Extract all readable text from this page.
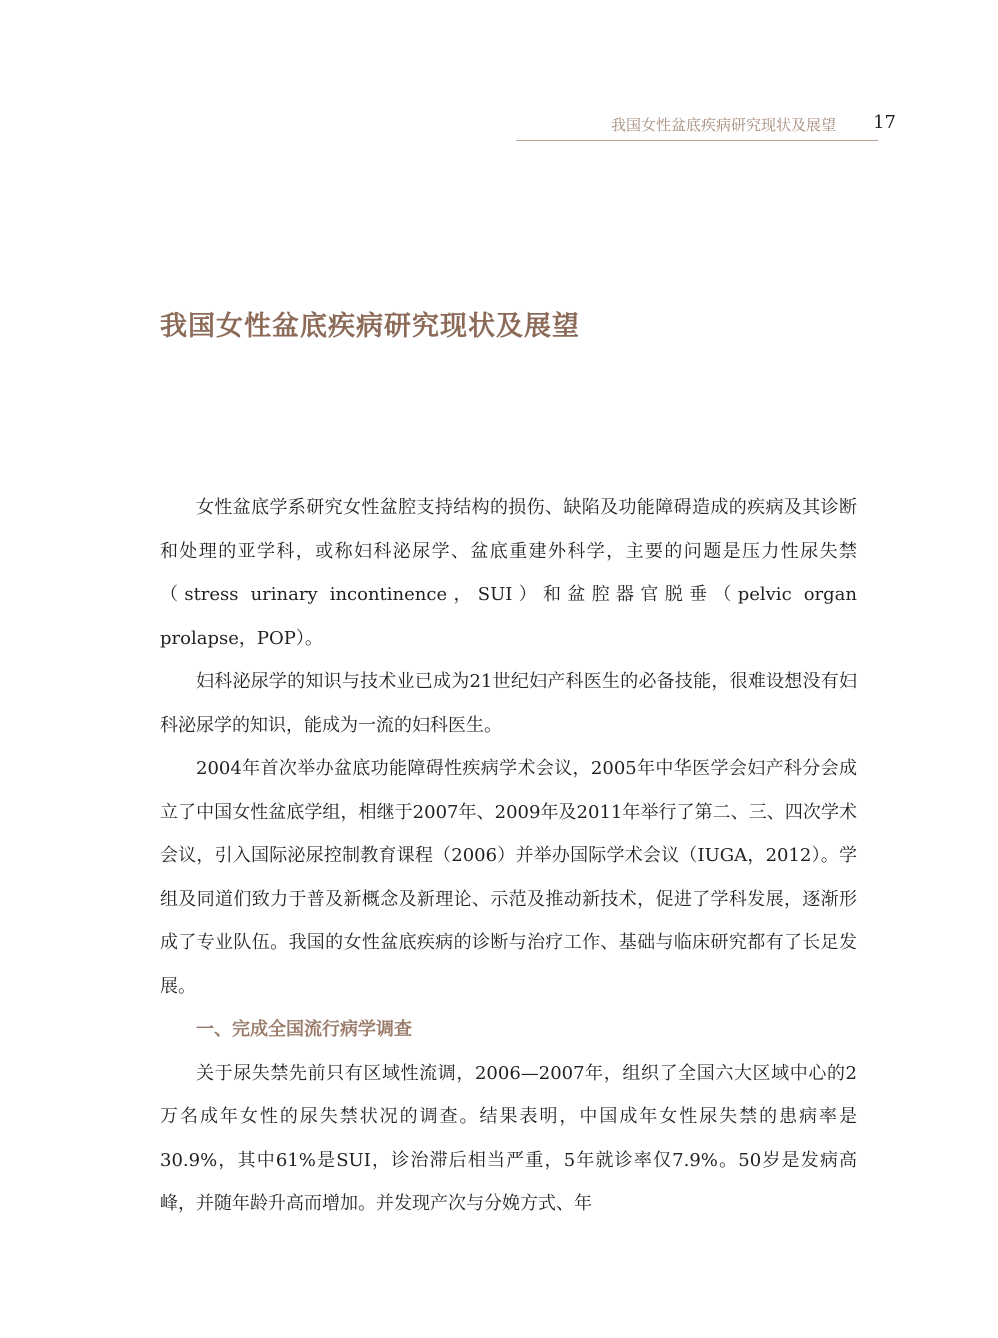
我国女性盆底疾病研究现状及展望 17
我国女性盆底疾病研究现状及展望

女性盆底学系研究女性盆腔支持结构的损伤、缺陷及功能障碍造成的疾病及其诊断和处理的亚学科，或称妇科泌尿学、盆底重建外科学，主要的问题是压力性尿失禁（stress urinary incontinence，SUI）和盆腔器官脱垂（pelvic organ prolapse，POP）。

妇科泌尿学的知识与技术业已成为21世纪妇产科医生的必备技能，很难设想没有妇科泌尿学的知识，能成为一流的妇科医生。

2004年首次举办盆底功能障碍性疾病学术会议，2005年中华医学会妇产科分会成立了中国女性盆底学组，相继于2007年、2009年及2011年举行了第二、三、四次学术会议，引入国际泌尿控制教育课程（2006）并举办国际学术会议（IUGA，2012）。学组及同道们致力于普及新概念及新理论、示范及推动新技术，促进了学科发展，逐渐形成了专业队伍。我国的女性盆底疾病的诊断与治疗工作、基础与临床研究都有了长足发展。

一、完成全国流行病学调查

关于尿失禁先前只有区域性流调，2006—2007年，组织了全国六大区域中心的2万名成年女性的尿失禁状况的调查。结果表明，中国成年女性尿失禁的患病率是30.9%，其中61%是SUI，诊治滞后相当严重，5年就诊率仅7.9%。50岁是发病高峰，并随年龄升高而增加。并发现产次与分娩方式、年
